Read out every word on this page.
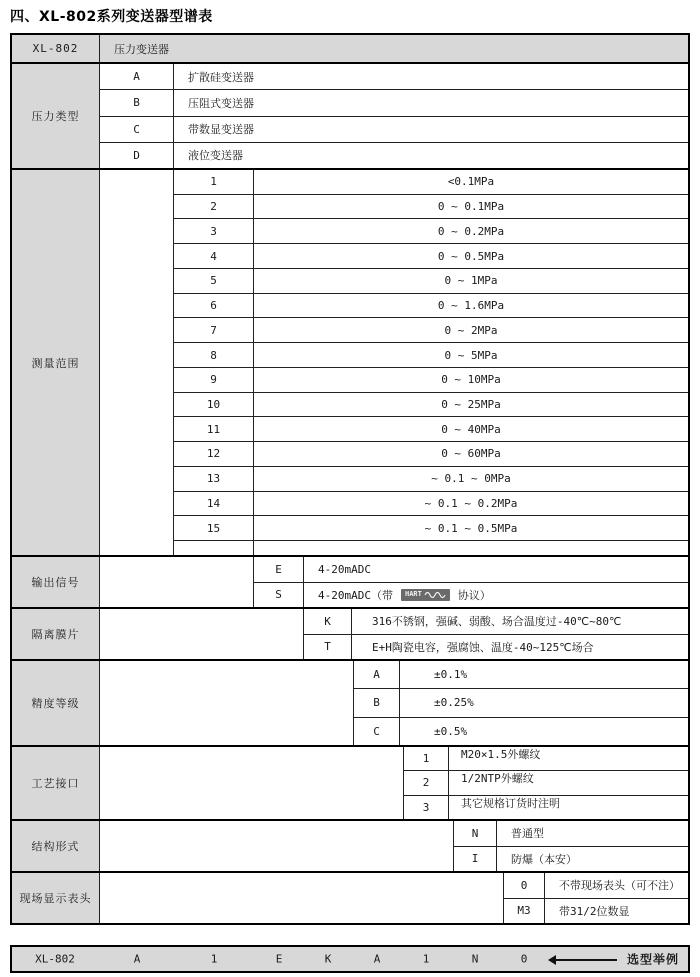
四、XL-802系列变送器型谱表
XL-802	压力变送器
压力类型
A	扩散硅变送器
B	压阻式变送器
C	带数显变送器
D	液位变送器
测量范围
1	<0.1MPa
2	0 ~ 0.1MPa
3	0 ~ 0.2MPa
4	0 ~ 0.5MPa
5	0 ~ 1MPa
6	0 ~ 1.6MPa
7	0 ~ 2MPa
8	0 ~ 5MPa
9	0 ~ 10MPa
10	0 ~ 25MPa
11	0 ~ 40MPa
12	0 ~ 60MPa
13	~ 0.1 ~ 0MPa
14	~ 0.1 ~ 0.2MPa
15	~ 0.1 ~ 0.5MPa
输出信号
E	4-20mADC
S	4-20mADC（带 HART	协议）
隔离膜片
K	316不锈钢，强碱、弱酸、场合温度过-40℃~80℃
T	E+H陶瓷电容，强腐蚀、温度-40~125℃场合
精度等级
A	±0.1%
B	±0.25%
C	±0.5%
工艺接口
1	M20×1.5外螺纹
2	1/2NTP外螺纹
3	其它规格订货时注明
结构形式
N	普通型
I	防爆（本安）
现场显示表头
0	不带现场表头（可不注）
M3	带31/2位数显
XL-802	A	1	E	K	A	1	N	0	选型举例
